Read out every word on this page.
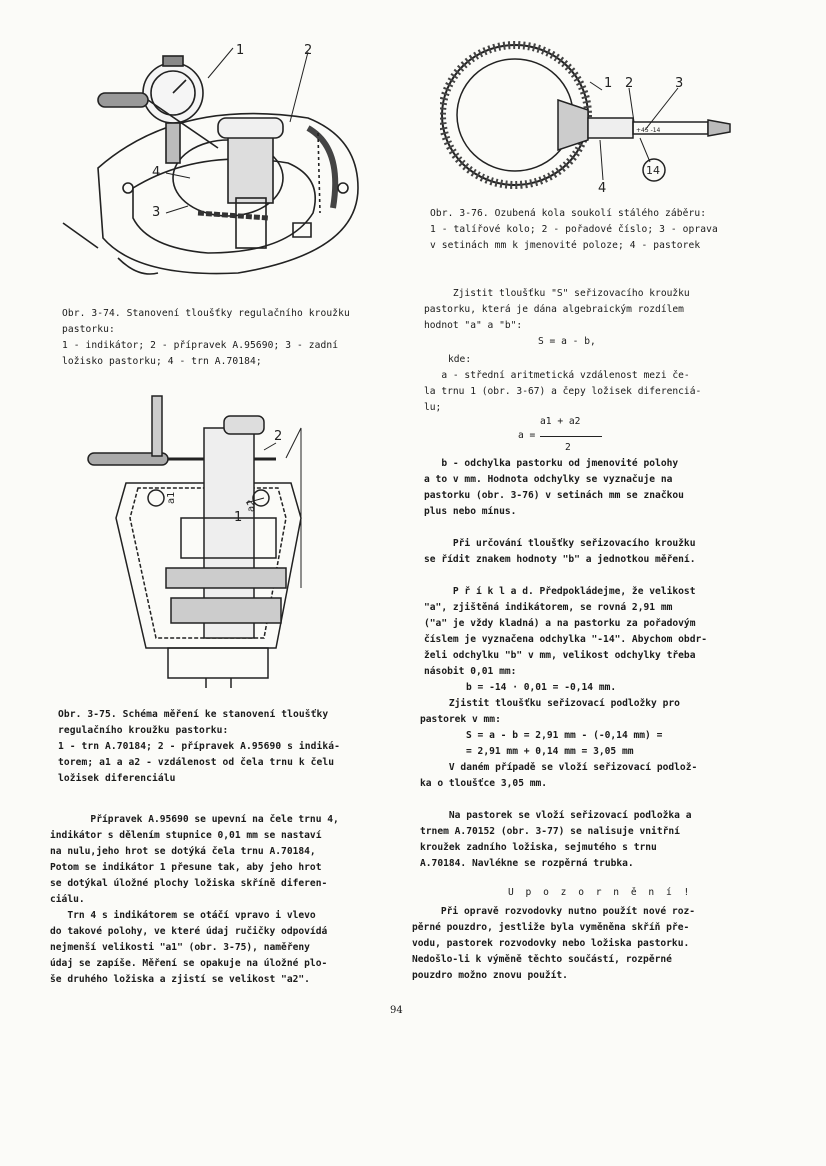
1	2
3
4
1
2
a2
a1
1 2	3
4
14
+45 -14
Obr. 3-74. Stanovení tloušťky regulačního kroužku
pastorku:
1 - indikátor; 2 - přípravek A.95690; 3 - zadní
ložisko pastorku; 4 - trn A.70184;
Obr. 3-75. Schéma měření ke stanovení tloušťky
regulačního kroužku pastorku:
1 - trn A.70184; 2 - přípravek A.95690 s indiká-
torem; a1 a a2 - vzdálenost od čela trnu k čelu
ložisek diferenciálu
Obr. 3-76. Ozubená kola soukolí stálého záběru:
1 - talířové kolo; 2 - pořadové číslo; 3 - oprava
v setinách mm k jmenovité poloze; 4 - pastorek
Přípravek A.95690 se upevní na čele trnu 4,
indikátor s dělením stupnice 0,01 mm se nastaví
na nulu,jeho hrot se dotýká čela trnu A.70184,
Potom se indikátor 1 přesune tak, aby jeho hrot
se dotýkal úložné plochy ložiska skříně diferen-
ciálu.
Trn 4 s indikátorem se otáčí vpravo i vlevo
do takové polohy, ve které údaj ručičky odpovídá
nejmenší velikosti "a1" (obr. 3-75), naměřeny
údaj se zapíše. Měření se opakuje na úložné plo-
še druhého ložiska a zjistí se velikost "a2".
Zjistit tloušťku "S" seřizovacího kroužku
pastorku, která je dána algebraickým rozdílem
hodnot "a" a "b":
S = a - b,
kde:
a - střední aritmetická vzdálenost mezi če-
la trnu 1 (obr. 3-67) a čepy ložisek diferenciá-
lu;
a =
a1 + a2
2
b - odchylka pastorku od jmenovité polohy
a to v mm. Hodnota odchylky se vyznačuje na
pastorku (obr. 3-76) v setinách mm se značkou
plus nebo mínus.
Při určování tloušťky seřizovacího kroužku
se řídit znakem hodnoty "b" a jednotkou měření.
P ř í k l a d. Předpokládejme, že velikost
"a", zjištěná indikátorem, se rovná 2,91 mm
("a" je vždy kladná) a na pastorku za pořadovým
číslem je vyznačena odchylka "-14". Abychom obdr-
želi odchylku "b" v mm, velikost odchylky třeba
násobit 0,01 mm:
b = -14 · 0,01 = -0,14 mm.
Zjistit tloušťku seřizovací podložky pro
pastorek v mm:
S = a - b = 2,91 mm - (-0,14 mm) =
= 2,91 mm + 0,14 mm = 3,05 mm
V daném případě se vloží seřizovací podlož-
ka o tloušťce 3,05 mm.
Na pastorek se vloží seřizovací podložka a
trnem A.70152 (obr. 3-77) se nalisuje vnitřní
kroužek zadního ložiska, sejmutého s trnu
A.70184. Navlékne se rozpěrná trubka.
U p o z o r n ě n í !
Při opravě rozvodovky nutno použít nové roz-
pěrné pouzdro, jestliže byla vyměněna skříň pře-
vodu, pastorek rozvodovky nebo ložiska pastorku.
Nedošlo-li k výměně těchto součástí, rozpěrné
pouzdro možno znovu použít.
94
